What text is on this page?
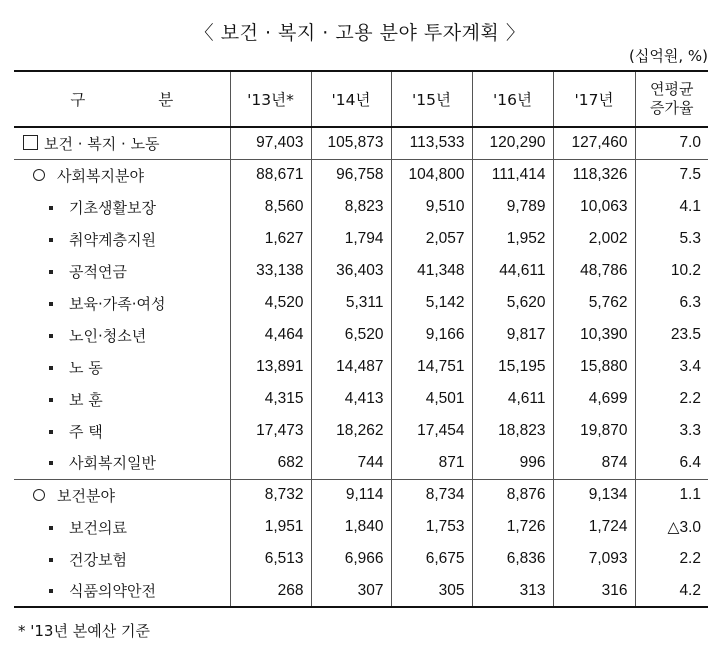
〈 보건 · 복지 · 고용 분야 투자계획 〉
(십억원, %)
구 분	'13년*	'14년	'15년	'16년	'17년	연평균
증가율
보건 · 복지 · 노동	97,403	105,873	113,533	120,290	127,460	7.0
사회복지분야	88,671	96,758	104,800	111,414	118,326	7.5
기초생활보장	8,560	8,823	9,510	9,789	10,063	4.1
취약계층지원	1,627	1,794	2,057	1,952	2,002	5.3
공적연금	33,138	36,403	41,348	44,611	48,786	10.2
보육·가족·여성	4,520	5,311	5,142	5,620	5,762	6.3
노인·청소년	4,464	6,520	9,166	9,817	10,390	23.5
노 동	13,891	14,487	14,751	15,195	15,880	3.4
보 훈	4,315	4,413	4,501	4,611	4,699	2.2
주 택	17,473	18,262	17,454	18,823	19,870	3.3
사회복지일반	682	744	871	996	874	6.4
보건분야	8,732	9,114	8,734	8,876	9,134	1.1
보건의료	1,951	1,840	1,753	1,726	1,724	△3.0
건강보험	6,513	6,966	6,675	6,836	7,093	2.2
식품의약안전	268	307	305	313	316	4.2
* '13년 본예산 기준
